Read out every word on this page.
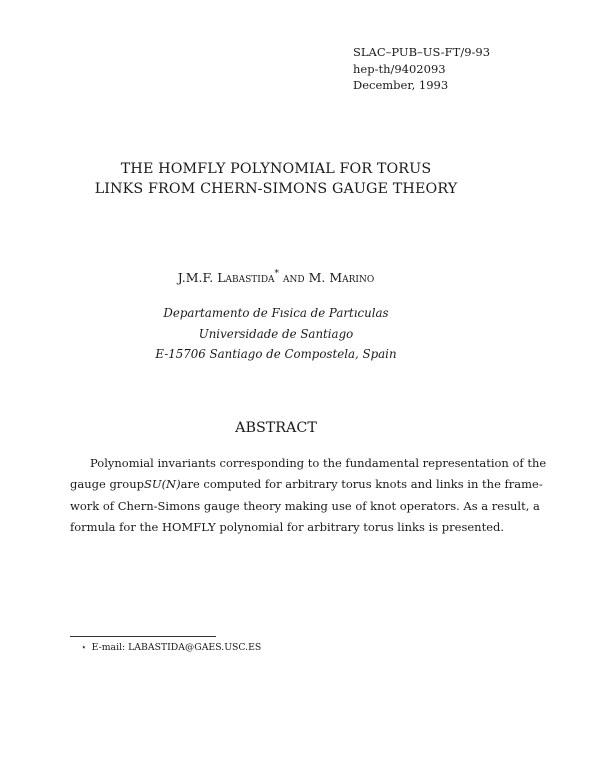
SLAC–PUB–US-FT/9-93
hep-th/9402093
December, 1993
THE HOMFLY POLYNOMIAL FOR TORUS
LINKS FROM CHERN-SIMONS GAUGE THEORY
J.M.F. Labastida* and M. Marino
Departamento de Fısica de Partıculas
Universidade de Santiago
E-15706 Santiago de Compostela, Spain
ABSTRACT
Polynomial invariants corresponding to the fundamental representation of the
gauge group SU(N) are computed for arbitrary torus knots and links in the frame-
work of Chern-Simons gauge theory making use of knot operators. As a result, a
formula for the HOMFLY polynomial for arbitrary torus links is presented.
⋆ E-mail: LABASTIDA@GAES.USC.ES
